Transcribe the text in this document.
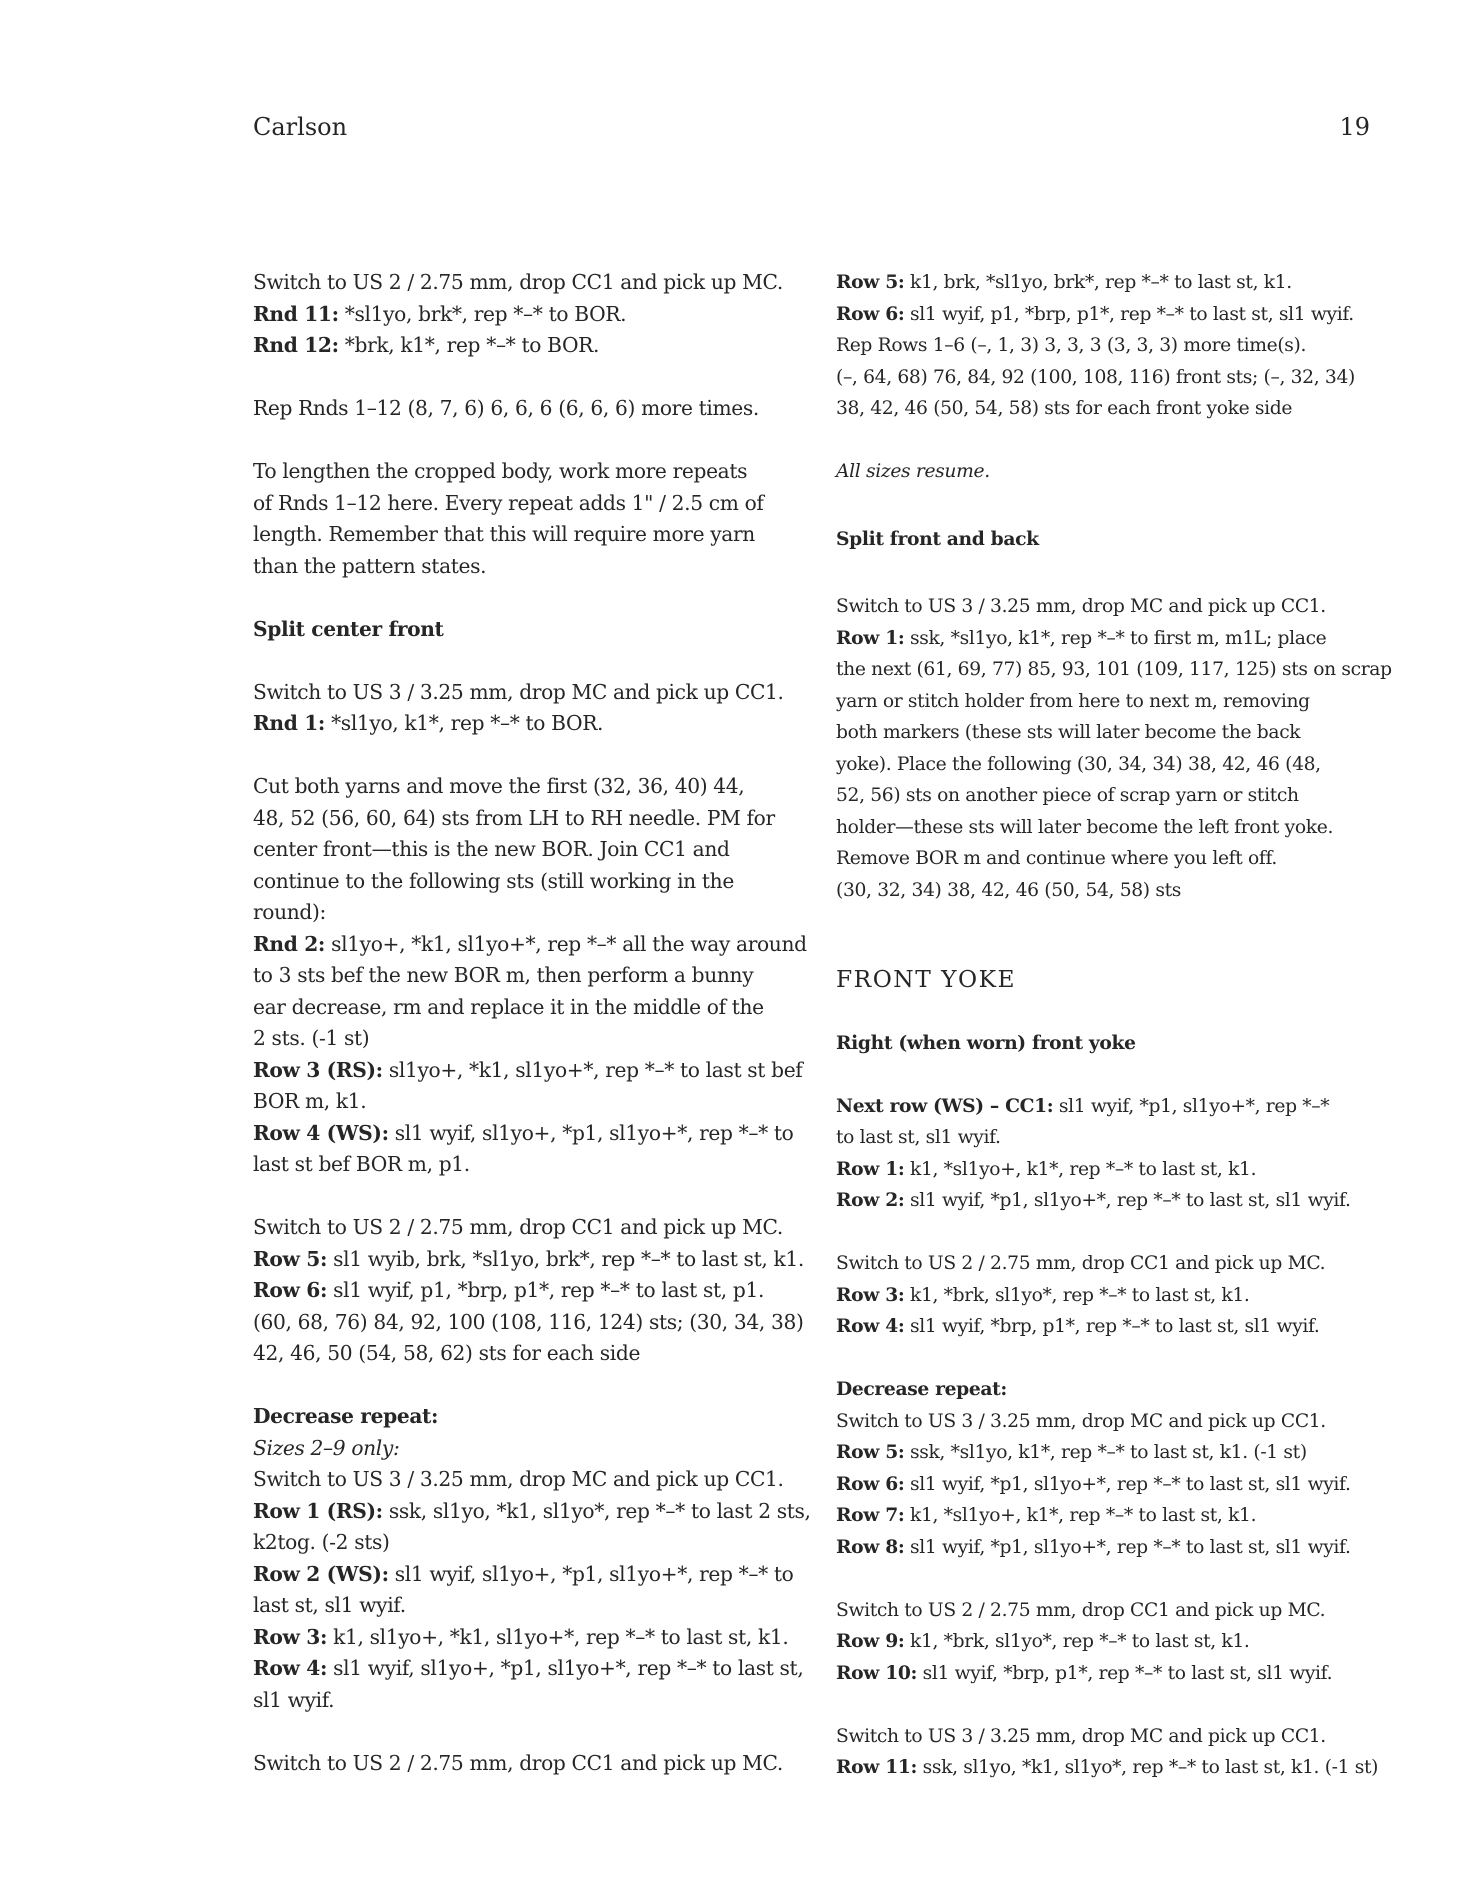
Carlson	19

Switch to US 2 / 2.75 mm, drop CC1 and pick up MC.

Rnd 11: *sl1yo, brk*, rep *–* to BOR.

Rnd 12: *brk, k1*, rep *–* to BOR.

Rep Rnds 1–12 (8, 7, 6) 6, 6, 6 (6, 6, 6) more times.

To lengthen the cropped body, work more repeats

of Rnds 1–12 here. Every repeat adds 1" / 2.5 cm of

length. Remember that this will require more yarn

than the pattern states.

Split center front

Switch to US 3 / 3.25 mm, drop MC and pick up CC1.

Rnd 1: *sl1yo, k1*, rep *–* to BOR.

Cut both yarns and move the first (32, 36, 40) 44,

48, 52 (56, 60, 64) sts from LH to RH needle. PM for

center front—this is the new BOR. Join CC1 and

continue to the following sts (still working in the

round):

Rnd 2: sl1yo+, *k1, sl1yo+*, rep *–* all the way around

to 3 sts bef the new BOR m, then perform a bunny

ear decrease, rm and replace it in the middle of the

2 sts. (-1 st)

Row 3 (RS): sl1yo+, *k1, sl1yo+*, rep *–* to last st bef

BOR m, k1.

Row 4 (WS): sl1 wyif, sl1yo+, *p1, sl1yo+*, rep *–* to

last st bef BOR m, p1.

Switch to US 2 / 2.75 mm, drop CC1 and pick up MC.

Row 5: sl1 wyib, brk, *sl1yo, brk*, rep *–* to last st, k1.

Row 6: sl1 wyif, p1, *brp, p1*, rep *–* to last st, p1.

(60, 68, 76) 84, 92, 100 (108, 116, 124) sts; (30, 34, 38)

42, 46, 50 (54, 58, 62) sts for each side

Decrease repeat:

Sizes 2–9 only:

Switch to US 3 / 3.25 mm, drop MC and pick up CC1.

Row 1 (RS): ssk, sl1yo, *k1, sl1yo*, rep *–* to last 2 sts,

k2tog. (-2 sts)

Row 2 (WS): sl1 wyif, sl1yo+, *p1, sl1yo+*, rep *–* to

last st, sl1 wyif.

Row 3: k1, sl1yo+, *k1, sl1yo+*, rep *–* to last st, k1.

Row 4: sl1 wyif, sl1yo+, *p1, sl1yo+*, rep *–* to last st,

sl1 wyif.

Switch to US 2 / 2.75 mm, drop CC1 and pick up MC.

Row 5: k1, brk, *sl1yo, brk*, rep *–* to last st, k1.

Row 6: sl1 wyif, p1, *brp, p1*, rep *–* to last st, sl1 wyif.

Rep Rows 1–6 (–, 1, 3) 3, 3, 3 (3, 3, 3) more time(s).

(–, 64, 68) 76, 84, 92 (100, 108, 116) front sts; (–, 32, 34)

38, 42, 46 (50, 54, 58) sts for each front yoke side

All sizes resume.

Split front and back

Switch to US 3 / 3.25 mm, drop MC and pick up CC1.

Row 1: ssk, *sl1yo, k1*, rep *–* to first m, m1L; place

the next (61, 69, 77) 85, 93, 101 (109, 117, 125) sts on scrap

yarn or stitch holder from here to next m, removing

both markers (these sts will later become the back

yoke). Place the following (30, 34, 34) 38, 42, 46 (48,

52, 56) sts on another piece of scrap yarn or stitch

holder—these sts will later become the left front yoke.

Remove BOR m and continue where you left off.

(30, 32, 34) 38, 42, 46 (50, 54, 58) sts

FRONT YOKE

Right (when worn) front yoke

Next row (WS) – CC1: sl1 wyif, *p1, sl1yo+*, rep *–*

to last st, sl1 wyif.

Row 1: k1, *sl1yo+, k1*, rep *–* to last st, k1.

Row 2: sl1 wyif, *p1, sl1yo+*, rep *–* to last st, sl1 wyif.

Switch to US 2 / 2.75 mm, drop CC1 and pick up MC.

Row 3: k1, *brk, sl1yo*, rep *–* to last st, k1.

Row 4: sl1 wyif, *brp, p1*, rep *–* to last st, sl1 wyif.

Decrease repeat:

Switch to US 3 / 3.25 mm, drop MC and pick up CC1.

Row 5: ssk, *sl1yo, k1*, rep *–* to last st, k1. (-1 st)

Row 6: sl1 wyif, *p1, sl1yo+*, rep *–* to last st, sl1 wyif.

Row 7: k1, *sl1yo+, k1*, rep *–* to last st, k1.

Row 8: sl1 wyif, *p1, sl1yo+*, rep *–* to last st, sl1 wyif.

Switch to US 2 / 2.75 mm, drop CC1 and pick up MC.

Row 9: k1, *brk, sl1yo*, rep *–* to last st, k1.

Row 10: sl1 wyif, *brp, p1*, rep *–* to last st, sl1 wyif.

Switch to US 3 / 3.25 mm, drop MC and pick up CC1.

Row 11: ssk, sl1yo, *k1, sl1yo*, rep *–* to last st, k1. (-1 st)
